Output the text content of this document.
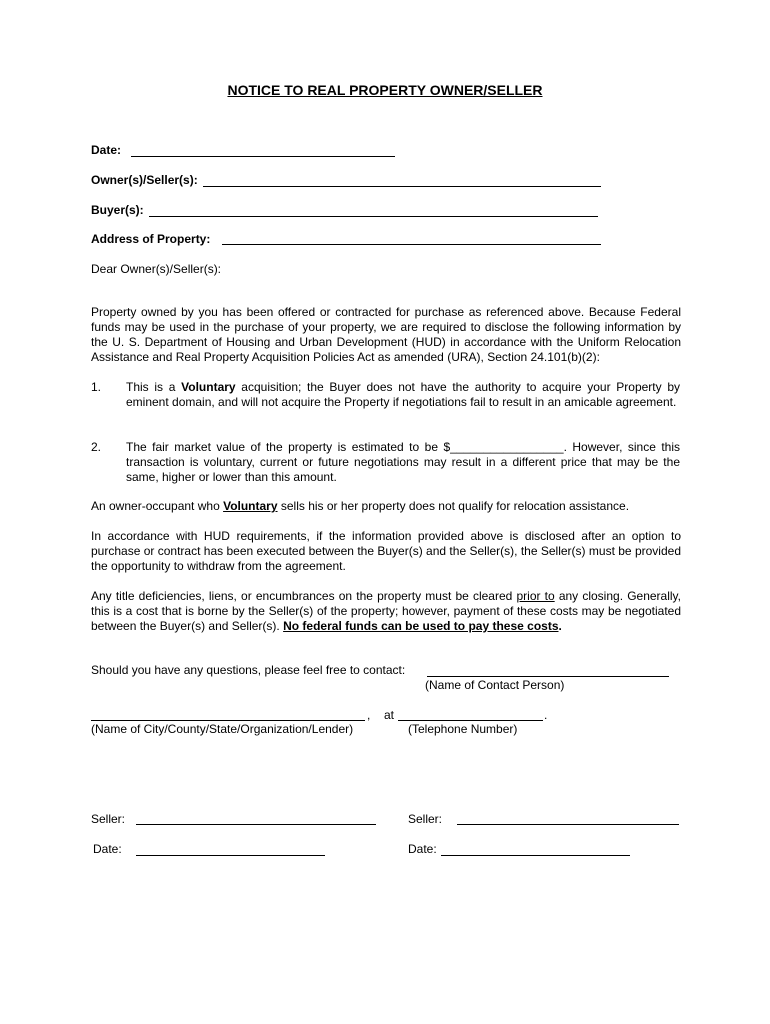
NOTICE TO REAL PROPERTY OWNER/SELLER
Date:
Owner(s)/Seller(s):
Buyer(s):
Address of Property:
Dear Owner(s)/Seller(s):
Property owned by you has been offered or contracted for purchase as referenced above. Because Federal funds may be used in the purchase of your property, we are required to disclose the following information by the U. S. Department of Housing and Urban Development (HUD) in accordance with the Uniform Relocation Assistance and Real Property Acquisition Policies Act as amended (URA), Section 24.101(b)(2):
1. This is a Voluntary acquisition; the Buyer does not have the authority to acquire your Property by eminent domain, and will not acquire the Property if negotiations fail to result in an amicable agreement.
2. The fair market value of the property is estimated to be $_________________. However, since this transaction is voluntary, current or future negotiations may result in a different price that may be the same, higher or lower than this amount.
An owner-occupant who Voluntary sells his or her property does not qualify for relocation assistance.
In accordance with HUD requirements, if the information provided above is disclosed after an option to purchase or contract has been executed between the Buyer(s) and the Seller(s), the Seller(s) must be provided the opportunity to withdraw from the agreement.
Any title deficiencies, liens, or encumbrances on the property must be cleared prior to any closing. Generally, this is a cost that is borne by the Seller(s) of the property; however, payment of these costs may be negotiated between the Buyer(s) and Seller(s). No federal funds can be used to pay these costs.
Should you have any questions, please feel free to contact:
(Name of Contact Person)
, at	.
(Name of City/County/State/Organization/Lender)	(Telephone Number)
Seller:	Seller:
Date:	Date:
